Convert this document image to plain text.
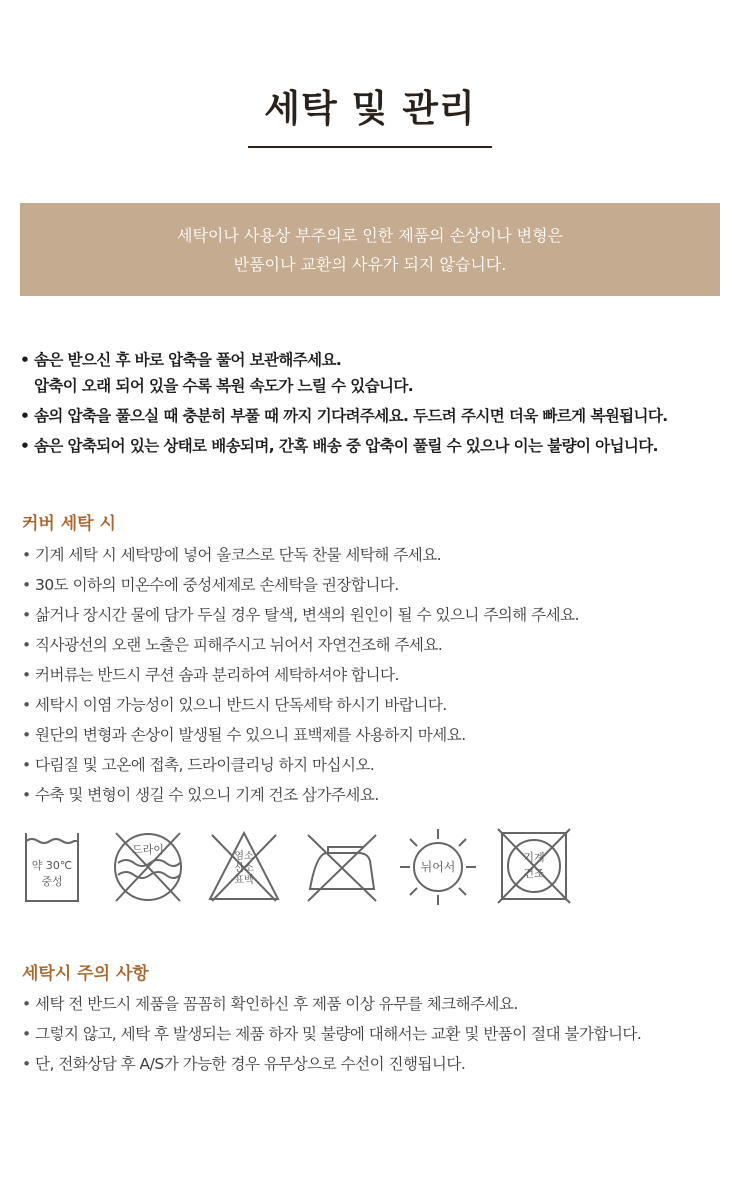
세탁 및 관리
세탁이나 사용상 부주의로 인한 제품의 손상이나 변형은
반품이나 교환의 사유가 되지 않습니다.
• 솜은 받으신 후 바로 압축을 풀어 보관해주세요.
압축이 오래 되어 있을 수록 복원 속도가 느릴 수 있습니다.
• 솜의 압축을 풀으실 때 충분히 부풀 때 까지 기다려주세요. 두드려 주시면 더욱 빠르게 복원됩니다.
• 솜은 압축되어 있는 상태로 배송되며, 간혹 배송 중 압축이 풀릴 수 있으나 이는 불량이 아닙니다.
커버 세탁 시
• 기계 세탁 시 세탁망에 넣어 울코스로 단독 찬물 세탁해 주세요.
• 30도 이하의 미온수에 중성세제로 손세탁을 권장합니다.
• 삶거나 장시간 물에 담가 두실 경우 탈색, 변색의 원인이 될 수 있으니 주의해 주세요.
• 직사광선의 오랜 노출은 피해주시고 뉘어서 자연건조해 주세요.
• 커버류는 반드시 쿠션 솜과 분리하여 세탁하셔야 합니다.
• 세탁시 이염 가능성이 있으니 반드시 단독세탁 하시기 바랍니다.
• 원단의 변형과 손상이 발생될 수 있으니 표백제를 사용하지 마세요.
• 다림질 및 고온에 접촉, 드라이클리닝 하지 마십시오.
• 수축 및 변형이 생길 수 있으니 기계 건조 삼가주세요.
약 30℃
중성
드라이
염소
산소
표백
뉘어서
기계
건조
세탁시 주의 사항
• 세탁 전 반드시 제품을 꼼꼼히 확인하신 후 제품 이상 유무를 체크해주세요.
• 그렇지 않고, 세탁 후 발생되는 제품 하자 및 불량에 대해서는 교환 및 반품이 절대 불가합니다.
• 단, 전화상담 후 A/S가 가능한 경우 유무상으로 수선이 진행됩니다.
